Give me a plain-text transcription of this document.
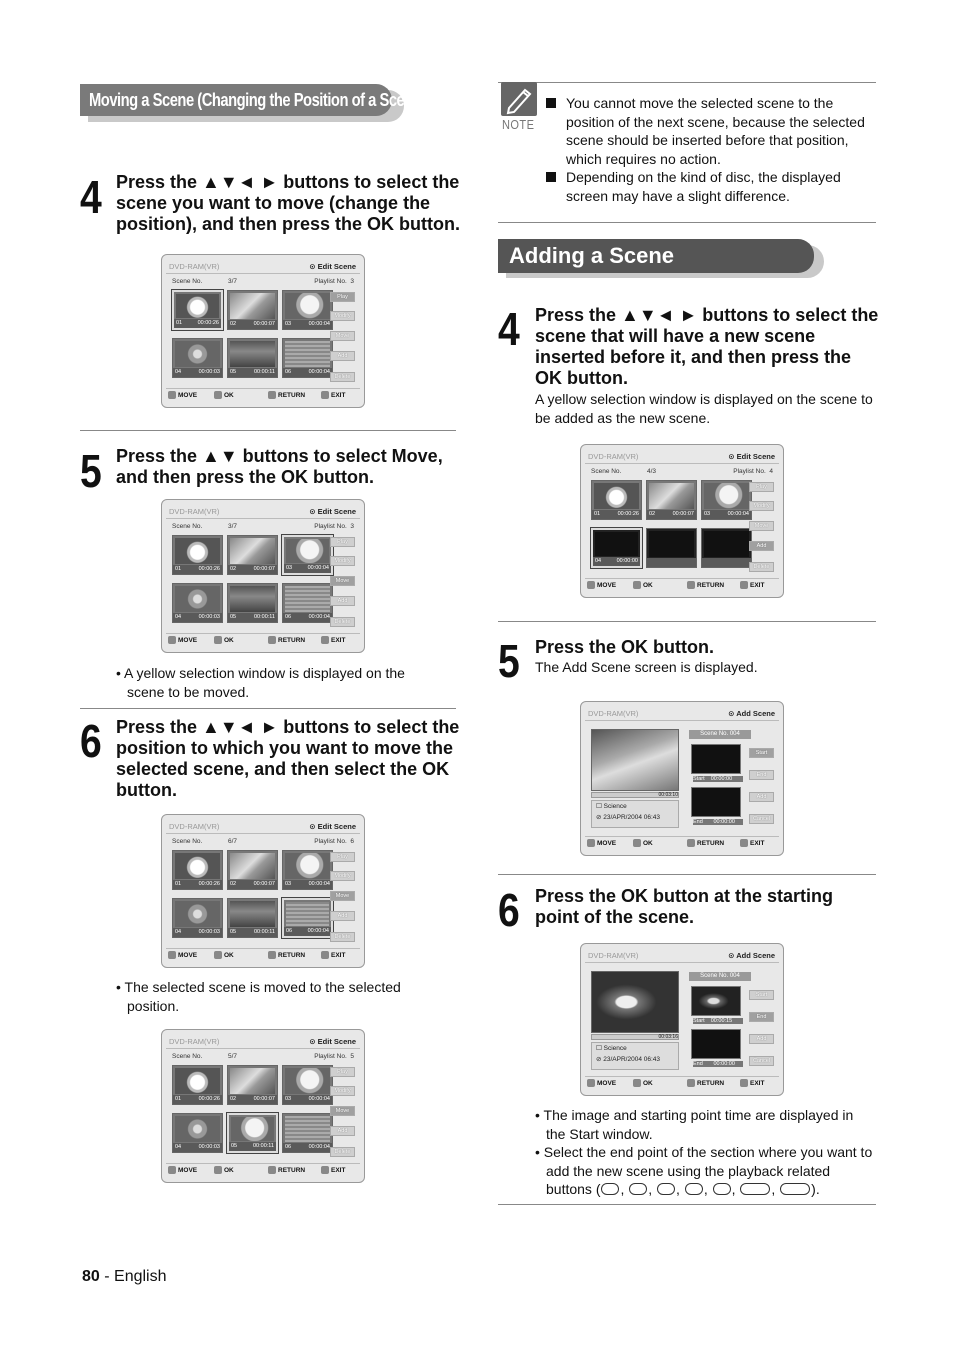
Moving a Scene (Changing the Position of a Scene)
4 Press the ▲▼◄ ► buttons to select the scene you want to move (change the position), and then press the OK button.
DVD-RAM(VR)	⊙ Edit Scene
Scene No.	3/7	Playlist No. 3
01	00:00:26 02	00:00:07 03	00:00:04
04	00:00:03 05	00:00:11 06	00:00:04
Play
Modify
Move
Add
Delete
MOVE	OK	RETURN	EXIT
5 Press the ▲▼ buttons to select Move, and then press the OK button.
DVD-RAM(VR)	⊙ Edit Scene
Scene No.	3/7	Playlist No. 3
01	00:00:26 02	00:00:07 03	00:00:04
04	00:00:03 05	00:00:11 06	00:00:04
Play
Modify
Move
Add
Delete
MOVE	OK	RETURN	EXIT
• A yellow selection window is displayed on the scene to be moved.
6 Press the ▲▼◄ ► buttons to select the position to which you want to move the selected scene, and then select the OK button.
DVD-RAM(VR)	⊙ Edit Scene
Scene No.	6/7	Playlist No. 6
01	00:00:26 02	00:00:07 03	00:00:04
04	00:00:03 05	00:00:11 06	00:00:04
Play
Modify
Move
Add
Delete
MOVE	OK	RETURN	EXIT
• The selected scene is moved to the selected position.
DVD-RAM(VR)	⊙ Edit Scene
Scene No.	5/7	Playlist No. 5
01	00:00:26 02	00:00:07 03	00:00:04
04	00:00:03 05	00:00:11 06	00:00:04
Play
Modify
Move
Add
Delete
MOVE	OK	RETURN	EXIT
NOTE
You cannot move the selected scene to the position of the next scene, because the selected scene should be inserted before that position, which requires no action.
Depending on the kind of disc, the displayed screen may have a slight difference.
Adding a Scene
4 Press the ▲▼◄ ► buttons to select the scene that will have a new scene inserted before it, and then press the OK button.
A yellow selection window is displayed on the scene to be added as the new scene.
DVD-RAM(VR)	⊙ Edit Scene
Scene No.	4/3	Playlist No. 4
01	00:00:26 02	00:00:07 03	00:00:04
04	00:00:00
Play
Modify
Move
Add
Delete
MOVE	OK	RETURN	EXIT
5 Press the OK button.
The Add Scene screen is displayed.
DVD-RAM(VR)	⊙ Add Scene
00:03:10
☐ Science
⊘ 23/APR/2004 06:43
Scene No. 004
Start 00:00:00
End 00:00:00
Start
End
Add
Cancel
MOVE	OK	RETURN	EXIT
6 Press the OK button at the starting point of the scene.
DVD-RAM(VR)	⊙ Add Scene
00:03:16
☐ Science
⊘ 23/APR/2004 06:43
Scene No. 004
Start 00:00:15
End 00:00:00
Start
End
Add
Cancel
MOVE	OK	RETURN	EXIT
• The image and starting point time are displayed in the Start window.
• Select the end point of the section where you want to add the new scene using the playback related buttons ( , , , , , , ).
80 - English
